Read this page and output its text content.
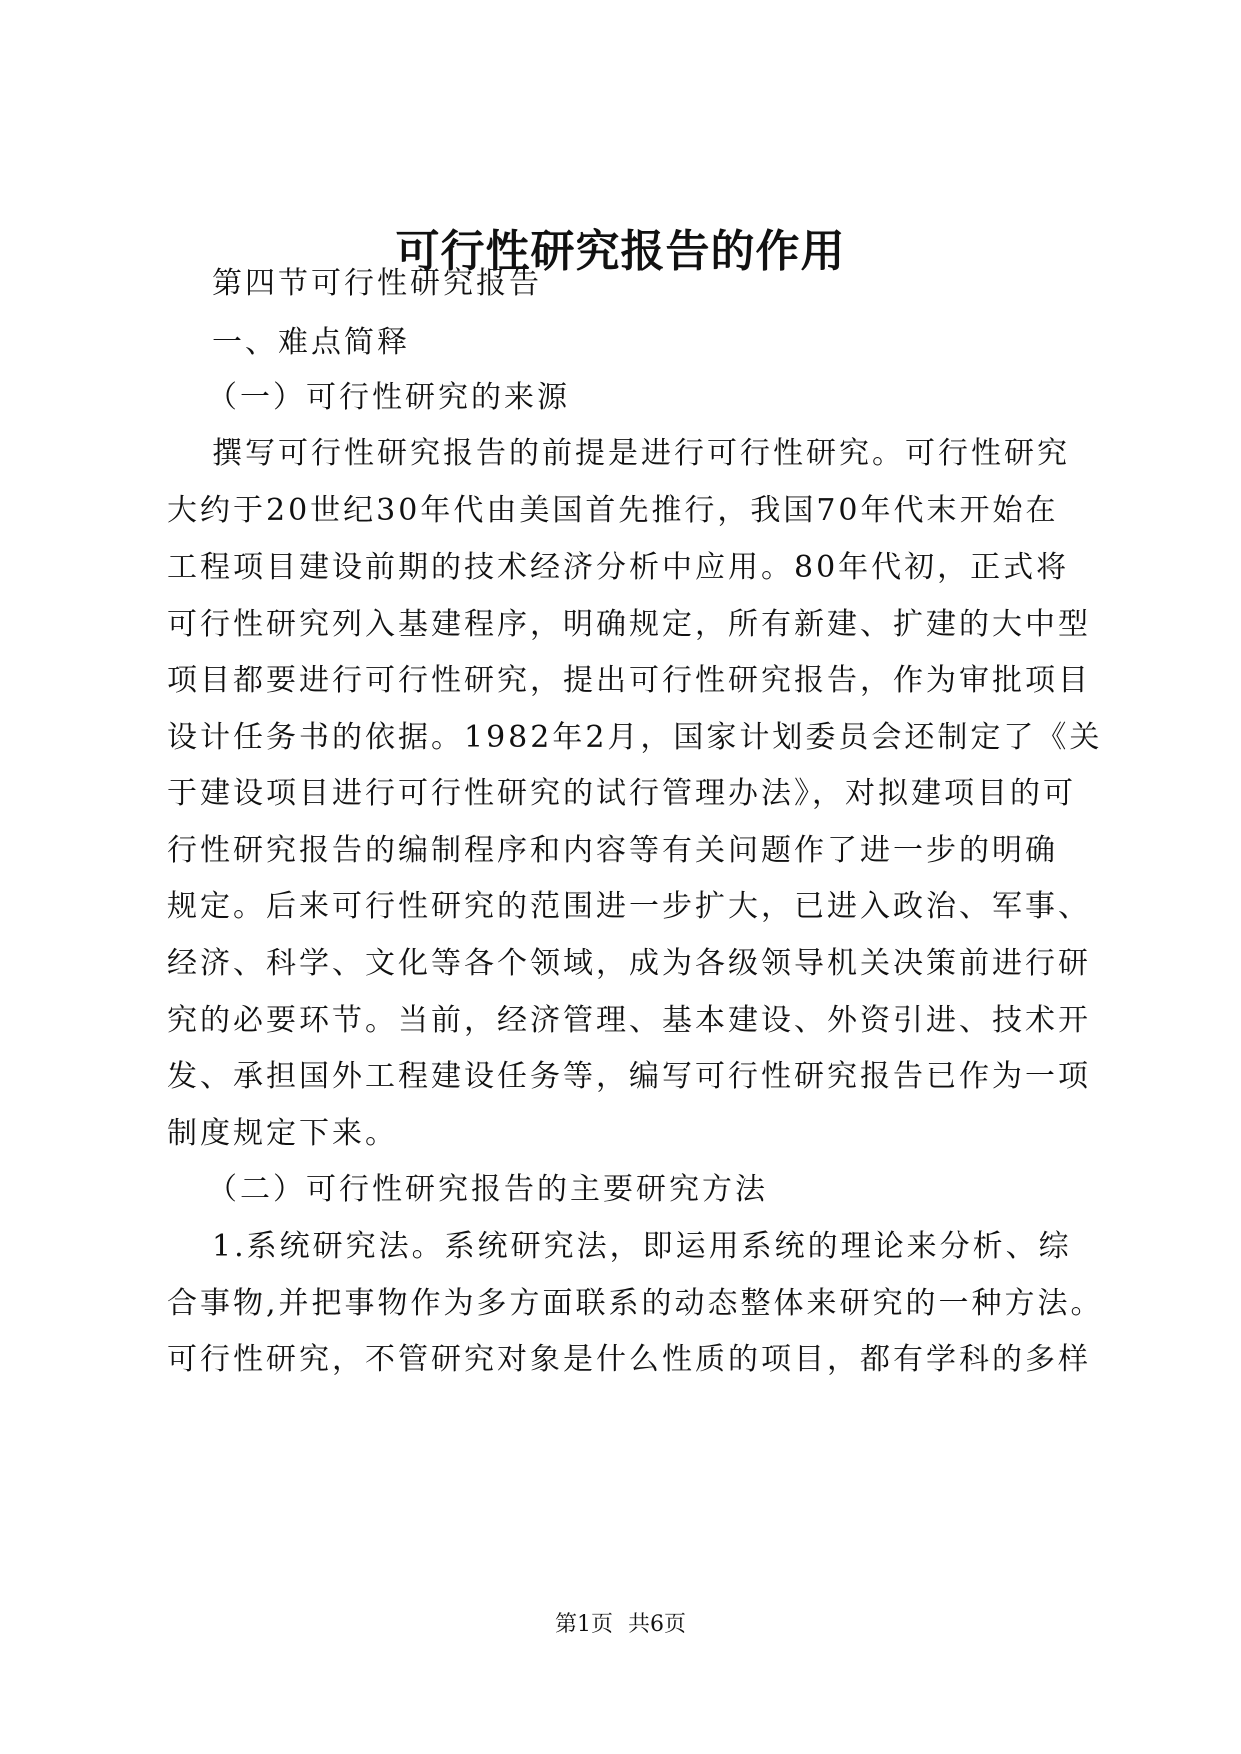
可行性研究报告的作用
第四节可行性研究报告
一、难点简释
（一）可行性研究的来源
撰写可行性研究报告的前提是进行可行性研究。可行性研究
大约于20世纪30年代由美国首先推行，我国70年代末开始在
工程项目建设前期的技术经济分析中应用。80年代初，正式将
可行性研究列入基建程序，明确规定，所有新建、扩建的大中型
项目都要进行可行性研究，提出可行性研究报告，作为审批项目
设计任务书的依据。1982年2月，国家计划委员会还制定了《关
于建设项目进行可行性研究的试行管理办法》，对拟建项目的可
行性研究报告的编制程序和内容等有关问题作了进一步的明确
规定。后来可行性研究的范围进一步扩大，已进入政治、军事、
经济、科学、文化等各个领域，成为各级领导机关决策前进行研
究的必要环节。当前，经济管理、基本建设、外资引进、技术开
发、承担国外工程建设任务等，编写可行性研究报告已作为一项
制度规定下来。
（二）可行性研究报告的主要研究方法
1.系统研究法。系统研究法，即运用系统的理论来分析、综
合事物,并把事物作为多方面联系的动态整体来研究的一种方法。
可行性研究，不管研究对象是什么性质的项目，都有学科的多样
第1页 共6页
